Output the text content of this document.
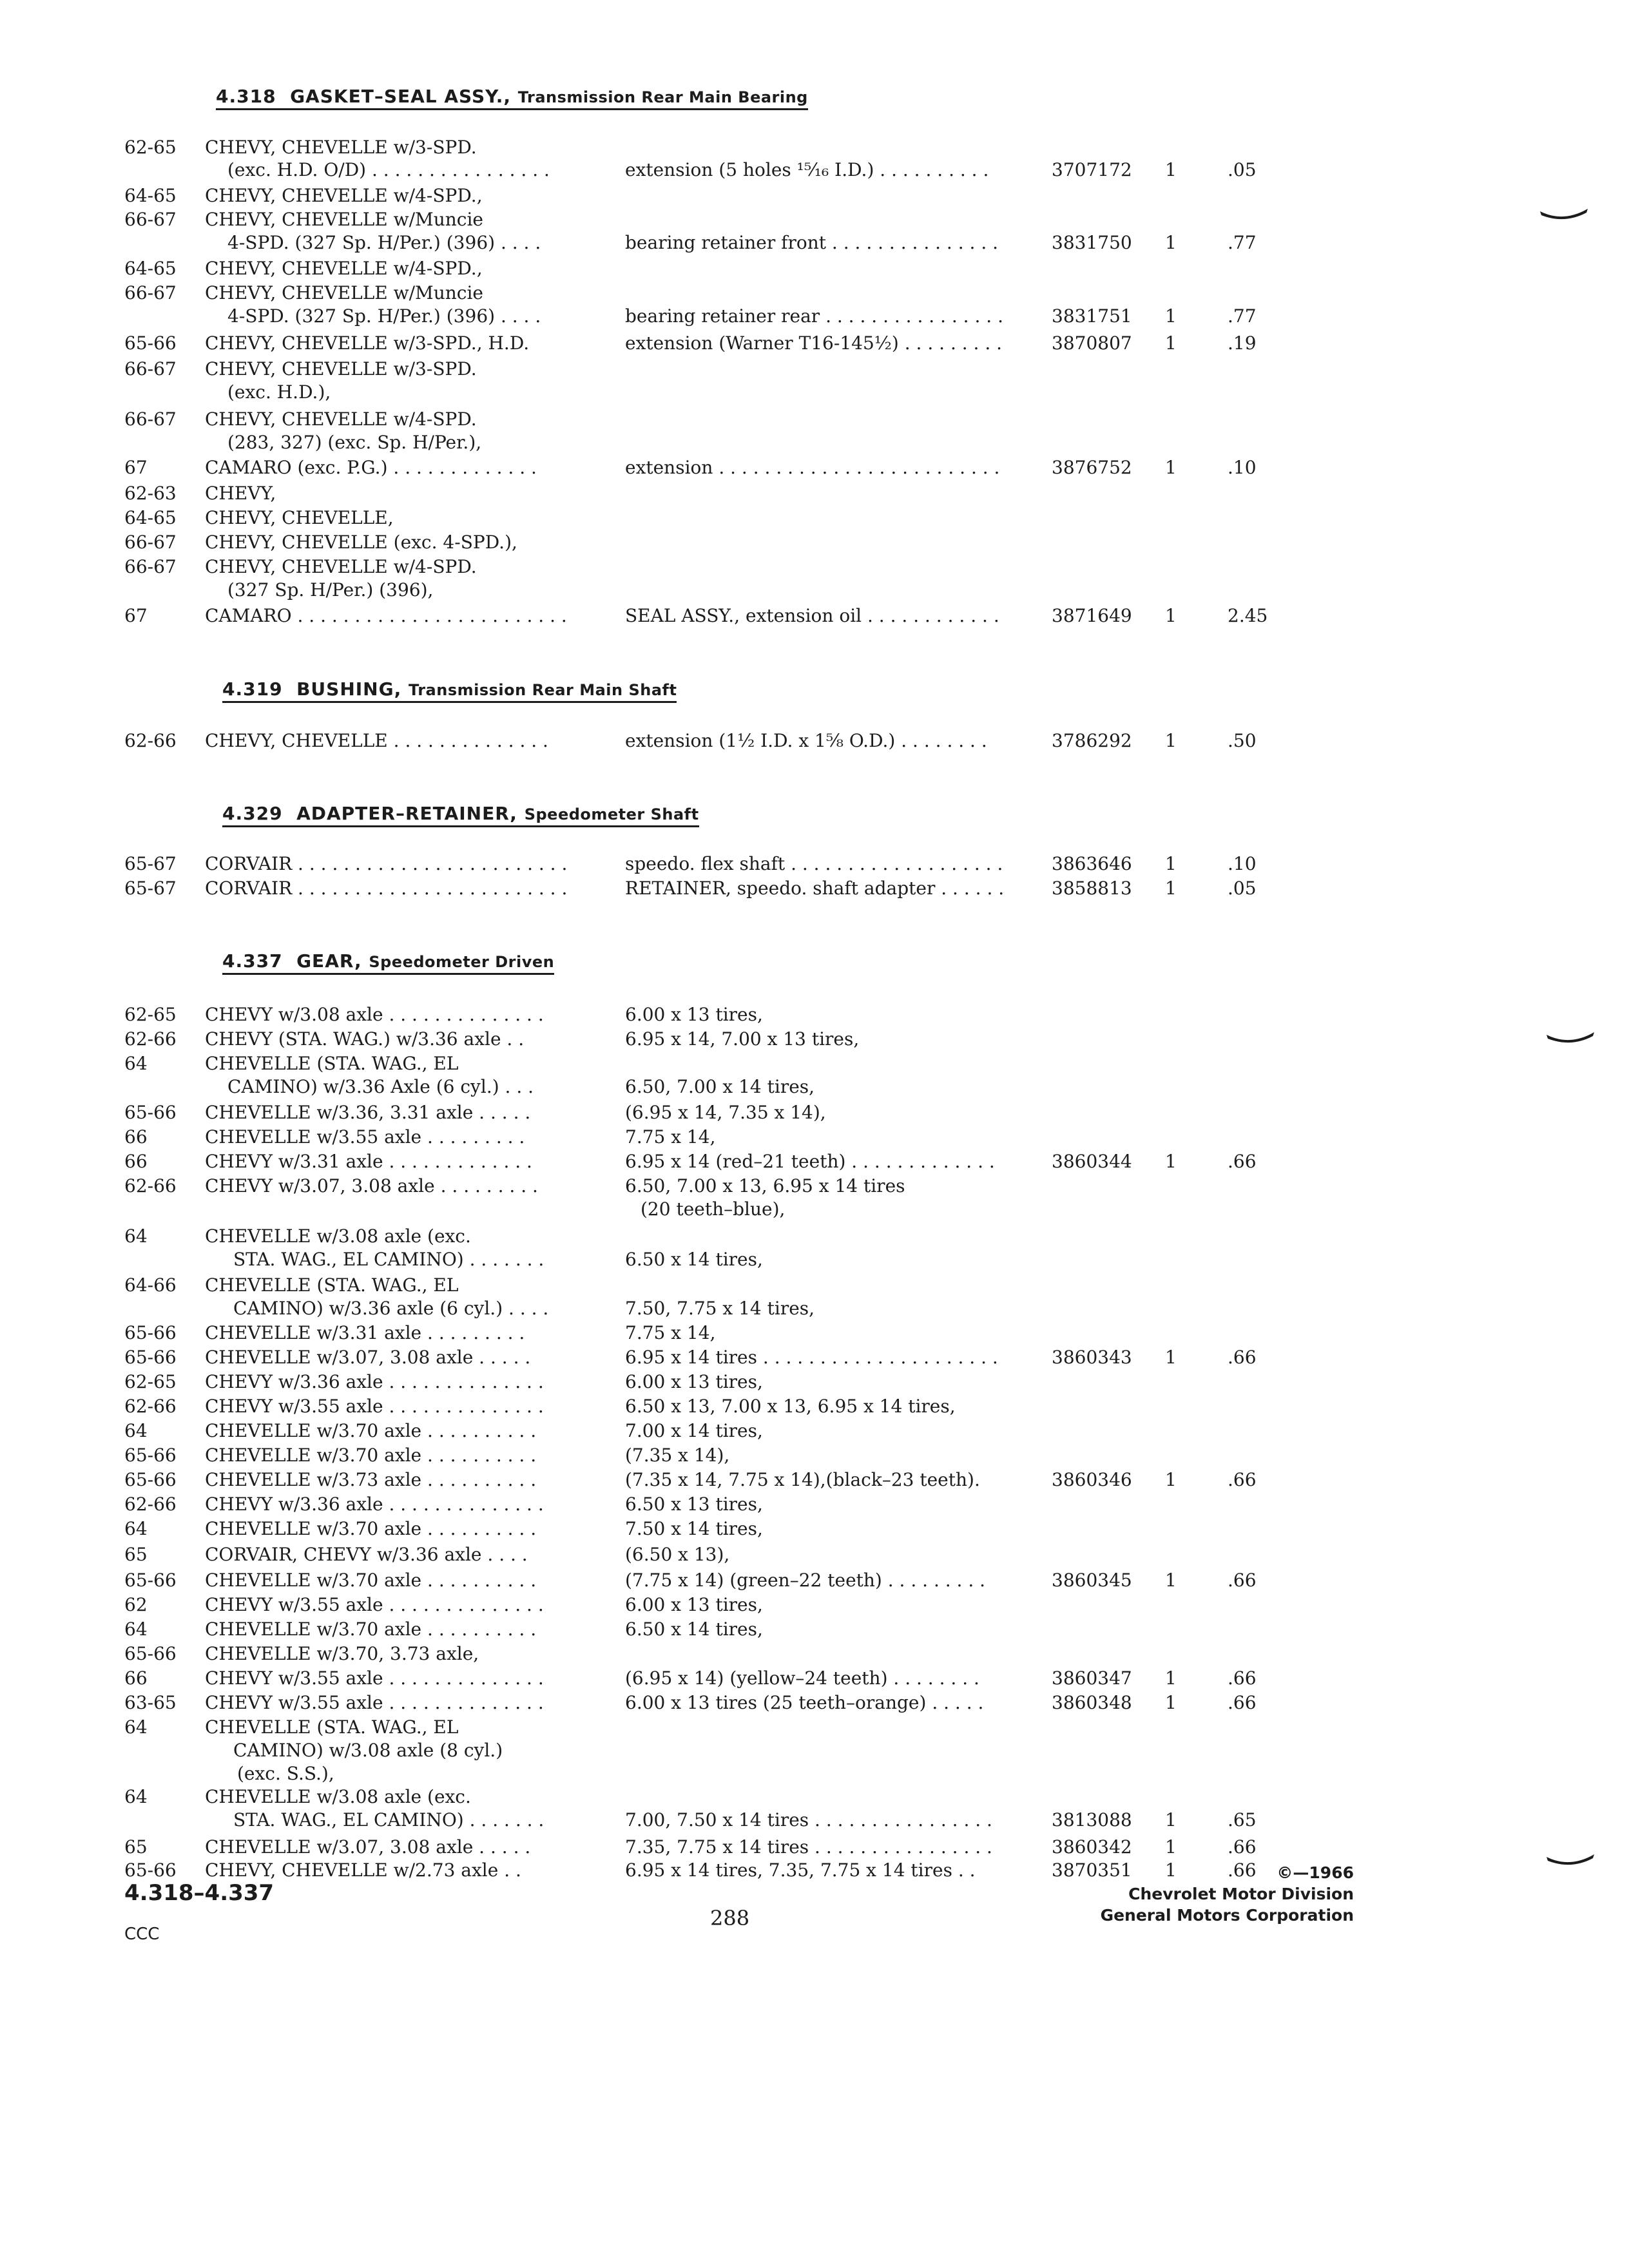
4.318 GASKET–SEAL ASSY., Transmission Rear Main Bearing
4.319 BUSHING, Transmission Rear Main Shaft
4.329 ADAPTER–RETAINER, Speedometer Shaft
4.337 GEAR, Speedometer Driven
62-65 CHEVY, CHEVELLE w/3-SPD.
(exc. H.D. O/D) . . . . . . . . . . . . . . . .	extension (5 holes ¹⁵⁄₁₆ I.D.) . . . . . . . . . .	3707172 1	.05
64-65 CHEVY, CHEVELLE w/4-SPD.,
66-67 CHEVY, CHEVELLE w/Muncie
4-SPD. (327 Sp. H/Per.) (396) . . . .	bearing retainer front . . . . . . . . . . . . . . .	3831750 1	.77
64-65 CHEVY, CHEVELLE w/4-SPD.,
66-67 CHEVY, CHEVELLE w/Muncie
4-SPD. (327 Sp. H/Per.) (396) . . . .	bearing retainer rear . . . . . . . . . . . . . . . .	3831751 1	.77
65-66 CHEVY, CHEVELLE w/3-SPD., H.D.	extension (Warner T16-145½) . . . . . . . . .	3870807 1	.19
66-67 CHEVY, CHEVELLE w/3-SPD.
(exc. H.D.),
66-67 CHEVY, CHEVELLE w/4-SPD.
(283, 327) (exc. Sp. H/Per.),
67	CAMARO (exc. P.G.) . . . . . . . . . . . . .	extension . . . . . . . . . . . . . . . . . . . . . . . . .	3876752 1	.10
62-63 CHEVY,
64-65 CHEVY, CHEVELLE,
66-67 CHEVY, CHEVELLE (exc. 4-SPD.),
66-67 CHEVY, CHEVELLE w/4-SPD.
(327 Sp. H/Per.) (396),
67	CAMARO . . . . . . . . . . . . . . . . . . . . . . . .	SEAL ASSY., extension oil . . . . . . . . . . . .	3871649 1	2.45
62-66 CHEVY, CHEVELLE . . . . . . . . . . . . . .	extension (1½ I.D. x 1⁵⁄₈ O.D.) . . . . . . . .	3786292 1	.50
65-67 CORVAIR . . . . . . . . . . . . . . . . . . . . . . . .	speedo. flex shaft . . . . . . . . . . . . . . . . . . .	3863646 1	.10
65-67 CORVAIR . . . . . . . . . . . . . . . . . . . . . . . .	RETAINER, speedo. shaft adapter . . . . . .	3858813 1	.05
62-65 CHEVY w/3.08 axle . . . . . . . . . . . . . .	6.00 x 13 tires,
62-66 CHEVY (STA. WAG.) w/3.36 axle . .	6.95 x 14, 7.00 x 13 tires,
64	CHEVELLE (STA. WAG., EL
CAMINO) w/3.36 Axle (6 cyl.) . . .	6.50, 7.00 x 14 tires,
65-66 CHEVELLE w/3.36, 3.31 axle . . . . .	(6.95 x 14, 7.35 x 14),
66	CHEVELLE w/3.55 axle . . . . . . . . .	7.75 x 14,
66	CHEVY w/3.31 axle . . . . . . . . . . . . .	6.95 x 14 (red–21 teeth) . . . . . . . . . . . . .	3860344 1	.66
62-66 CHEVY w/3.07, 3.08 axle . . . . . . . . .	6.50, 7.00 x 13, 6.95 x 14 tires
(20 teeth–blue),
64	CHEVELLE w/3.08 axle (exc.
STA. WAG., EL CAMINO) . . . . . . .	6.50 x 14 tires,
64-66 CHEVELLE (STA. WAG., EL
CAMINO) w/3.36 axle (6 cyl.) . . . .	7.50, 7.75 x 14 tires,
65-66 CHEVELLE w/3.31 axle . . . . . . . . .	7.75 x 14,
65-66 CHEVELLE w/3.07, 3.08 axle . . . . .	6.95 x 14 tires . . . . . . . . . . . . . . . . . . . . .	3860343 1	.66
62-65 CHEVY w/3.36 axle . . . . . . . . . . . . . .	6.00 x 13 tires,
62-66 CHEVY w/3.55 axle . . . . . . . . . . . . . .	6.50 x 13, 7.00 x 13, 6.95 x 14 tires,
64	CHEVELLE w/3.70 axle . . . . . . . . . .	7.00 x 14 tires,
65-66 CHEVELLE w/3.70 axle . . . . . . . . . .	(7.35 x 14),
65-66 CHEVELLE w/3.73 axle . . . . . . . . . .	(7.35 x 14, 7.75 x 14),(black–23 teeth).	3860346 1	.66
62-66 CHEVY w/3.36 axle . . . . . . . . . . . . . .	6.50 x 13 tires,
64	CHEVELLE w/3.70 axle . . . . . . . . . .	7.50 x 14 tires,
65	CORVAIR, CHEVY w/3.36 axle . . . .	(6.50 x 13),
65-66 CHEVELLE w/3.70 axle . . . . . . . . . .	(7.75 x 14) (green–22 teeth) . . . . . . . . .	3860345 1	.66
62	CHEVY w/3.55 axle . . . . . . . . . . . . . .	6.00 x 13 tires,
64	CHEVELLE w/3.70 axle . . . . . . . . . .	6.50 x 14 tires,
65-66 CHEVELLE w/3.70, 3.73 axle,
66	CHEVY w/3.55 axle . . . . . . . . . . . . . .	(6.95 x 14) (yellow–24 teeth) . . . . . . . .	3860347 1	.66
63-65 CHEVY w/3.55 axle . . . . . . . . . . . . . .	6.00 x 13 tires (25 teeth–orange) . . . . .	3860348 1	.66
64	CHEVELLE (STA. WAG., EL
CAMINO) w/3.08 axle (8 cyl.)
(exc. S.S.),
64	CHEVELLE w/3.08 axle (exc.
STA. WAG., EL CAMINO) . . . . . . .	7.00, 7.50 x 14 tires . . . . . . . . . . . . . . . .	3813088 1	.65
65	CHEVELLE w/3.07, 3.08 axle . . . . .	7.35, 7.75 x 14 tires . . . . . . . . . . . . . . . .	3860342 1	.66
65-66 CHEVY, CHEVELLE w/2.73 axle . .	6.95 x 14 tires, 7.35, 7.75 x 14 tires . .	3870351 1	.66
4.318–4.337
CCC
288
©—1966
Chevrolet Motor Division
General Motors Corporation
